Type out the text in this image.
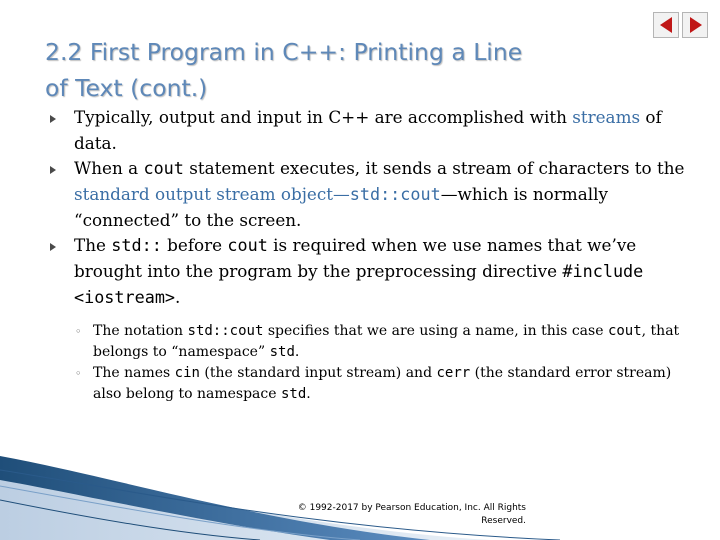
2.2 First Program in C++: Printing a Line
of Text (cont.)

Typically, output and input in C++ are accomplished with streams of data.

When a cout statement executes, it sends a stream of characters to the standard output stream object—std::cout—which is normally “connected” to the screen.

The std:: before cout is required when we use names that we’ve brought into the program by the preprocessing directive #include <iostream>.

◦ The notation std::cout specifies that we are using a name, in this case cout, that belongs to “namespace” std.

◦ The names cin (the standard input stream) and cerr (the standard error stream) also belong to namespace std.

© 1992-2017 by Pearson Education, Inc. All Rights
Reserved.
